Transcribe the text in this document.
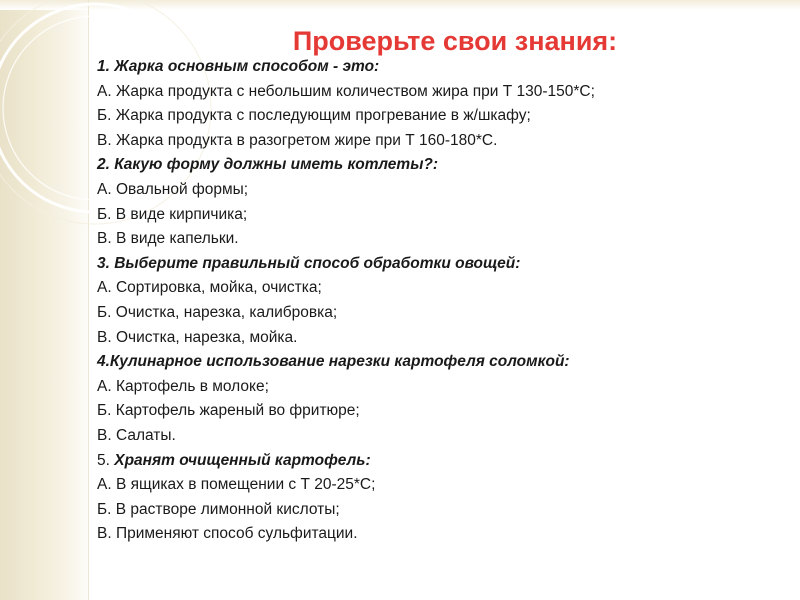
Проверьте свои знания:
1. Жарка основным способом - это:
А. Жарка продукта с небольшим количеством жира при Т 130-150*С;
Б. Жарка продукта с последующим прогревание в ж/шкафу;
В. Жарка продукта в разогретом жире при Т 160-180*С.
2. Какую форму должны иметь котлеты?:
А. Овальной формы;
Б. В виде кирпичика;
В. В виде капельки.
3. Выберите правильный способ обработки овощей:
А. Сортировка, мойка, очистка;
Б. Очистка, нарезка, калибровка;
В. Очистка, нарезка, мойка.
4.Кулинарное использование нарезки картофеля соломкой:
А. Картофель в молоке;
Б. Картофель жареный во фритюре;
В. Салаты.
5. Хранят очищенный картофель:
А. В ящиках в помещении с Т 20-25*С;
Б. В растворе лимонной кислоты;
В. Применяют способ сульфитации.
